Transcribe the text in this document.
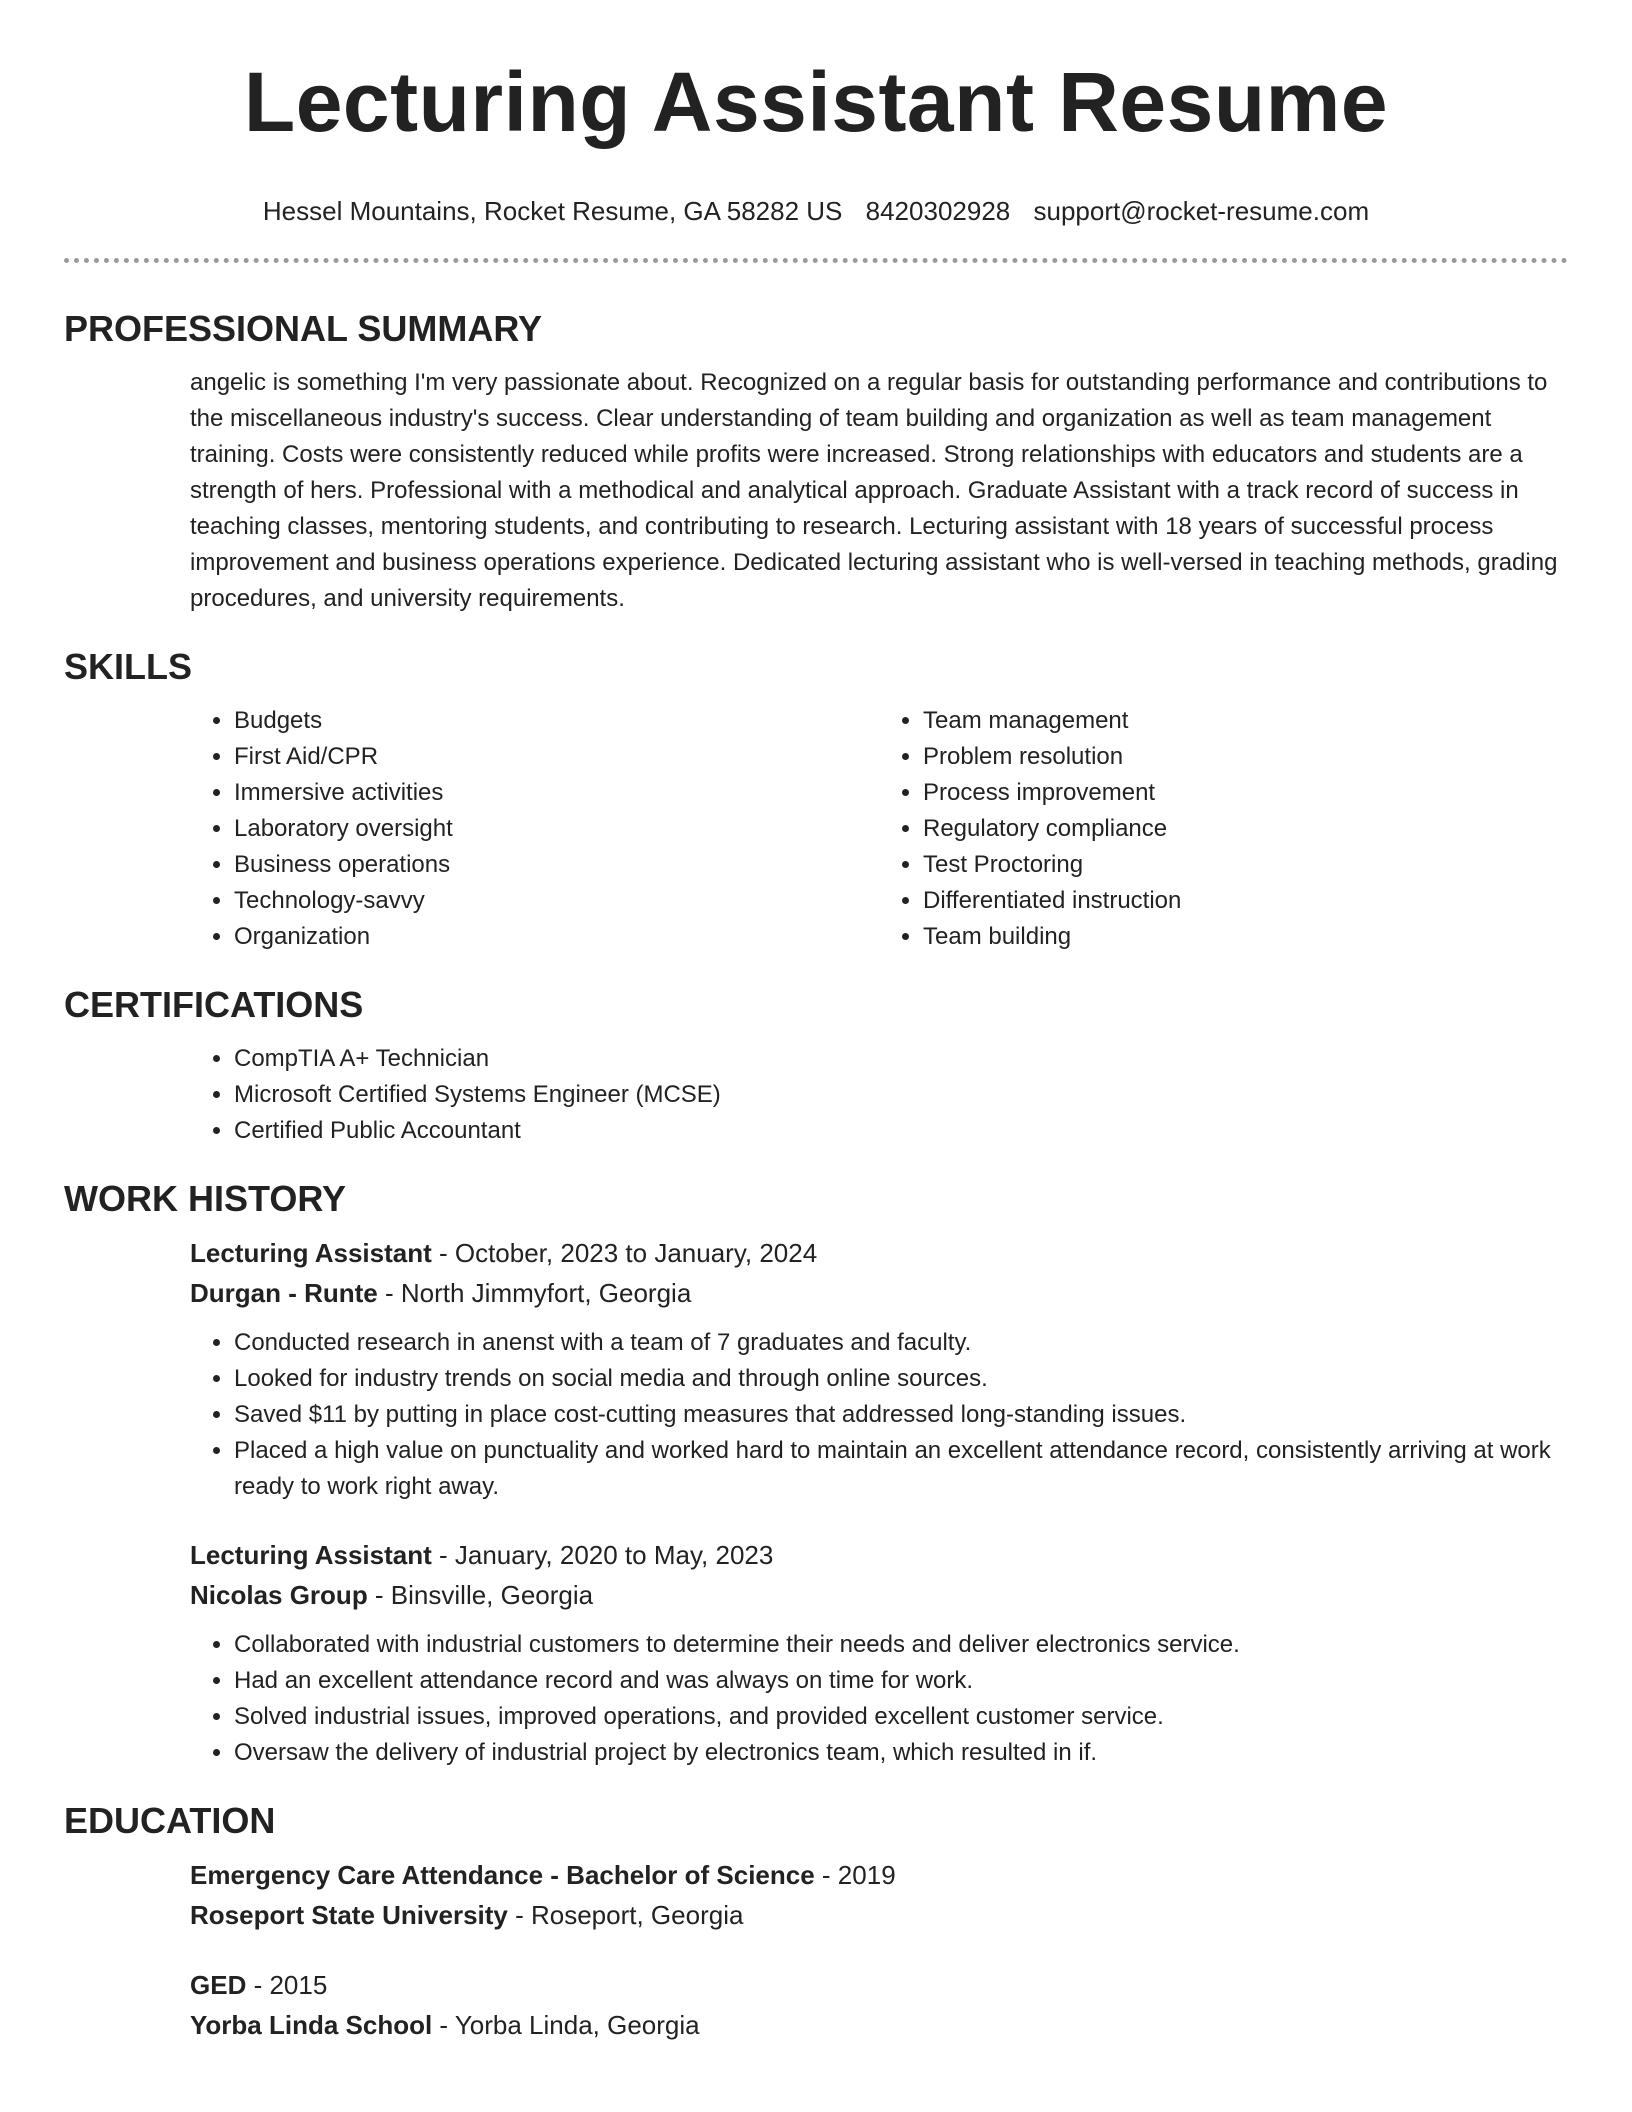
Lecturing Assistant Resume
Hessel Mountains, Rocket Resume, GA 58282 US 8420302928 support@rocket-resume.com
PROFESSIONAL SUMMARY

angelic is something I'm very passionate about. Recognized on a regular basis for outstanding performance and contributions to the miscellaneous industry's success. Clear understanding of team building and organization as well as team management training. Costs were consistently reduced while profits were increased. Strong relationships with educators and students are a strength of hers. Professional with a methodical and analytical approach. Graduate Assistant with a track record of success in teaching classes, mentoring students, and contributing to research. Lecturing assistant with 18 years of successful process improvement and business operations experience. Dedicated lecturing assistant who is well-versed in teaching methods, grading procedures, and university requirements.

SKILLS
• Budgets
• First Aid/CPR
• Immersive activities
• Laboratory oversight
• Business operations
• Technology-savvy
• Organization
• Team management
• Problem resolution
• Process improvement
• Regulatory compliance
• Test Proctoring
• Differentiated instruction
• Team building
CERTIFICATIONS
• CompTIA A+ Technician
• Microsoft Certified Systems Engineer (MCSE)
• Certified Public Accountant
WORK HISTORY
Lecturing Assistant - October, 2023 to January, 2024
Durgan - Runte - North Jimmyfort, Georgia
• Conducted research in anenst with a team of 7 graduates and faculty.
• Looked for industry trends on social media and through online sources.
• Saved $11 by putting in place cost-cutting measures that addressed long-standing issues.
• Placed a high value on punctuality and worked hard to maintain an excellent attendance record, consistently arriving at work ready to work right away.
Lecturing Assistant - January, 2020 to May, 2023
Nicolas Group - Binsville, Georgia
• Collaborated with industrial customers to determine their needs and deliver electronics service.
• Had an excellent attendance record and was always on time for work.
• Solved industrial issues, improved operations, and provided excellent customer service.
• Oversaw the delivery of industrial project by electronics team, which resulted in if.
EDUCATION
Emergency Care Attendance - Bachelor of Science - 2019
Roseport State University - Roseport, Georgia
GED - 2015
Yorba Linda School - Yorba Linda, Georgia
